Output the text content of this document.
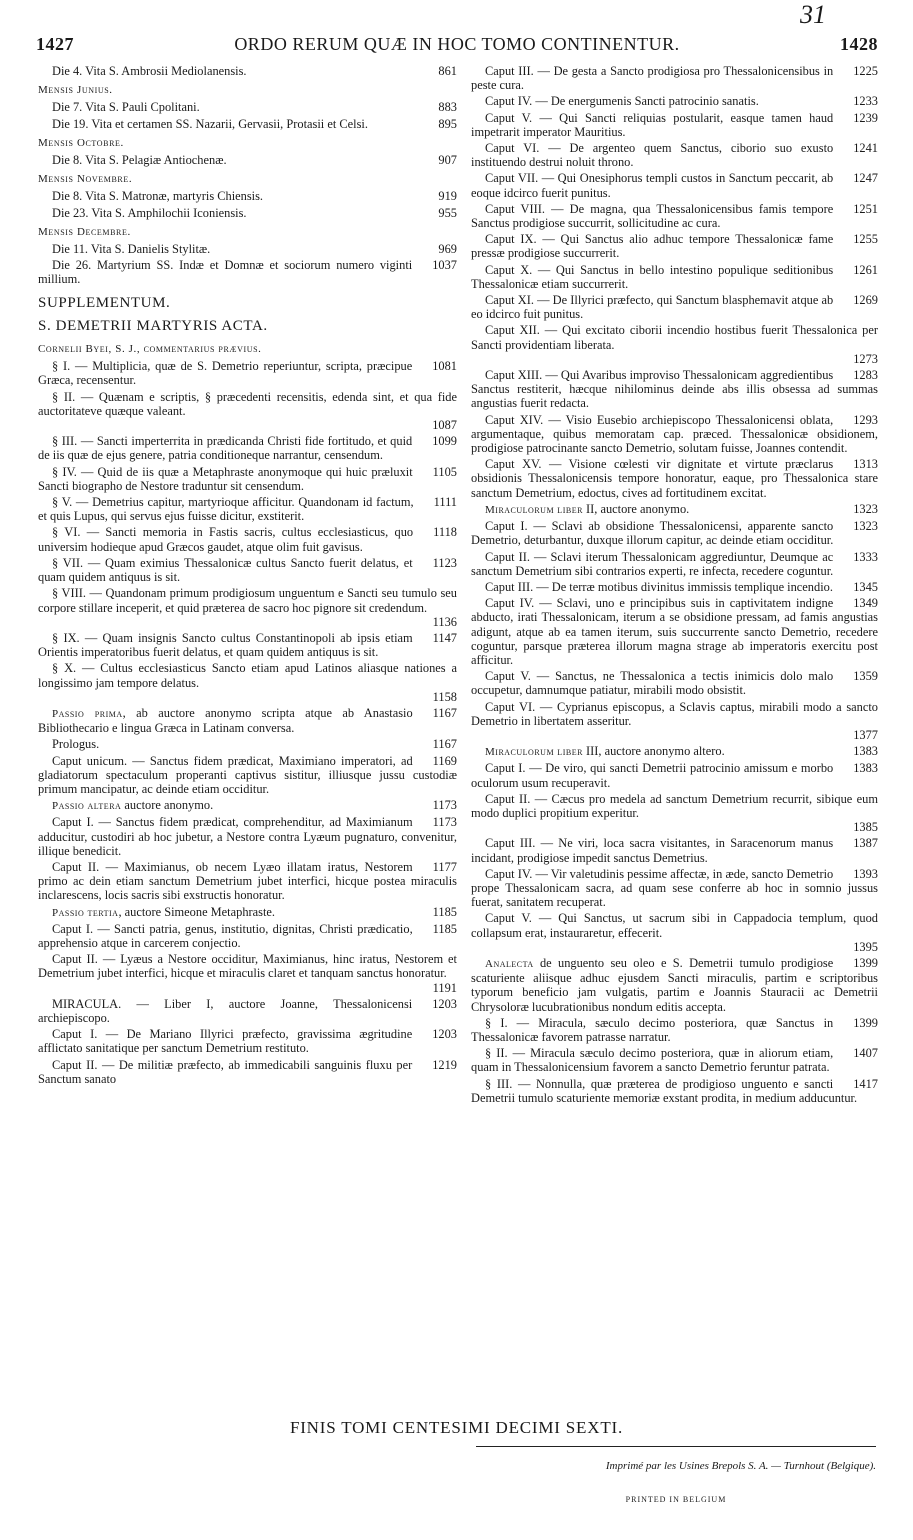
31
1427	ORDO RERUM QUÆ IN HOC TOMO CONTINENTUR.	1428
861
Die 4. Vita S. Ambrosii Mediolanensis.
Mensis Junius.
883
Die 7. Vita S. Pauli Cpolitani.
895
Die 19. Vita et certamen SS. Nazarii, Gervasii, Protasii et Celsi.
Mensis Octobre.
907
Die 8. Vita S. Pelagiæ Antiochenæ.
Mensis Novembre.
919
Die 8. Vita S. Matronæ, martyris Chiensis.
955
Die 23. Vita S. Amphilochii Iconiensis.
Mensis Decembre.
969
Die 11. Vita S. Danielis Stylitæ.
1037
Die 26. Martyrium SS. Indæ et Domnæ et sociorum numero viginti millium.
SUPPLEMENTUM.
S. DEMETRII MARTYRIS ACTA.
Cornelii Byei, S. J., commentarius prævius.
1081
§ I. — Multiplicia, quæ de S. Demetrio reperiuntur, scripta, præcipue Græca, recensentur.
§ II. — Quænam e scriptis, § præcedenti recensitis, edenda sint, et qua fide auctoritateve quæque valeant.
1087
1099
§ III. — Sancti imperterrita in prædicanda Christi fide fortitudo, et quid de iis quæ de ejus genere, patria conditioneque narrantur, censendum.
1105
§ IV. — Quid de iis quæ a Metaphraste anonymoque qui huic præluxit Sancti biographo de Nestore traduntur sit censendum.
1111
§ V. — Demetrius capitur, martyrioque afficitur. Quandonam id factum, et quis Lupus, qui servus ejus fuisse dicitur, exstiterit.
1118
§ VI. — Sancti memoria in Fastis sacris, cultus ecclesiasticus, quo universim hodieque apud Græcos gaudet, atque olim fuit gavisus.
1123
§ VII. — Quam eximius Thessalonicæ cultus Sancto fuerit delatus, et quam quidem antiquus is sit.
§ VIII. — Quandonam primum prodigiosum unguentum e Sancti seu tumulo seu corpore stillare inceperit, et quid præterea de sacro hoc pignore sit credendum.
1136
1147
§ IX. — Quam insignis Sancto cultus Constantinopoli ab ipsis etiam Orientis imperatoribus fuerit delatus, et quam quidem antiquus is sit.
§ X. — Cultus ecclesiasticus Sancto etiam apud Latinos aliasque nationes a longissimo jam tempore delatus.
1158
1167
Passio prima, ab auctore anonymo scripta atque ab Anastasio Bibliothecario e lingua Græca in Latinam conversa.
1167
Prologus.
1169
Caput unicum. — Sanctus fidem prædicat, Maximiano imperatori, ad gladiatorum spectaculum properanti captivus sistitur, illiusque jussu custodiæ primum mancipatur, ac deinde etiam occiditur.
1173
Passio altera auctore anonymo.
1173
Caput I. — Sanctus fidem prædicat, comprehenditur, ad Maximianum adducitur, custodiri ab hoc jubetur, a Nestore contra Lyæum pugnaturo, convenitur, illique benedicit.
1177
Caput II. — Maximianus, ob necem Lyæo illatam iratus, Nestorem primo ac dein etiam sanctum Demetrium jubet interfici, hicque postea miraculis inclarescens, locis sacris sibi exstructis honoratur.
1185
Passio tertia, auctore Simeone Metaphraste.
1185
Caput I. — Sancti patria, genus, institutio, dignitas, Christi prædicatio, apprehensio atque in carcerem conjectio.
Caput II. — Lyæus a Nestore occiditur, Maximianus, hinc iratus, Nestorem et Demetrium jubet interfici, hicque et miraculis claret et tanquam sanctus honoratur.
1191
1203
MIRACULA. — Liber I, auctore Joanne, Thessalonicensi archiepiscopo.
1203
Caput I. — De Mariano Illyrici præfecto, gravissima ægritudine afflictato sanitatique per sanctum Demetrium restituto.
1219
Caput II. — De militiæ præfecto, ab immedicabili sanguinis fluxu per Sanctum sanato
1225
Caput III. — De gesta a Sancto prodigiosa pro Thessalonicensibus in peste cura.
1233
Caput IV. — De energumenis Sancti patrocinio sanatis.
1239
Caput V. — Qui Sancti reliquias postularit, easque tamen haud impetrarit imperator Mauritius.
1241
Caput VI. — De argenteo quem Sanctus, ciborio suo exusto instituendo destrui noluit throno.
1247
Caput VII. — Qui Onesiphorus templi custos in Sanctum peccarit, ab eoque idcirco fuerit punitus.
1251
Caput VIII. — De magna, qua Thessalonicensibus famis tempore Sanctus prodigiose succurrit, sollicitudine ac cura.
1255
Caput IX. — Qui Sanctus alio adhuc tempore Thessalonicæ fame pressæ prodigiose succurrerit.
1261
Caput X. — Qui Sanctus in bello intestino populique seditionibus Thessalonicæ etiam succurrerit.
1269
Caput XI. — De Illyrici præfecto, qui Sanctum blasphemavit atque ab eo idcirco fuit punitus.
Caput XII. — Qui excitato ciborii incendio hostibus fuerit Thessalonica per Sancti providentiam liberata.
1273
1283
Caput XIII. — Qui Avaribus improviso Thessalonicam aggredientibus Sanctus restiterit, hæcque nihilominus deinde abs illis obsessa ad summas angustias fuerit redacta.
1293
Caput XIV. — Visio Eusebio archiepiscopo Thessalonicensi oblata, argumentaque, quibus memoratam cap. præced. Thessalonicæ obsidionem, prodigiose patrocinante sancto Demetrio, solutam fuisse, Joannes contendit.
1313
Caput XV. — Visione cœlesti vir dignitate et virtute præclarus obsidionis Thessalonicensis tempore honoratur, eaque, pro Thessalonica stare sanctum Demetrium, edoctus, cives ad fortitudinem excitat.
1323
Miraculorum liber II, auctore anonymo.
1323
Caput I. — Sclavi ab obsidione Thessalonicensi, apparente sancto Demetrio, deturbantur, duxque illorum capitur, ac deinde etiam occiditur.
1333
Caput II. — Sclavi iterum Thessalonicam aggrediuntur, Deumque ac sanctum Demetrium sibi contrarios experti, re infecta, recedere coguntur.
1345
Caput III. — De terræ motibus divinitus immissis templique incendio.
1349
Caput IV. — Sclavi, uno e principibus suis in captivitatem indigne abducto, irati Thessalonicam, iterum a se obsidione pressam, ad famis angustias adigunt, atque ab ea tamen iterum, suis succurrente sancto Demetrio, recedere coguntur, parsque præterea illorum magna strage ab imperatoris exercitu post afficitur.
1359
Caput V. — Sanctus, ne Thessalonica a tectis inimicis dolo malo occupetur, damnumque patiatur, mirabili modo obsistit.
Caput VI. — Cyprianus episcopus, a Sclavis captus, mirabili modo a sancto Demetrio in libertatem asseritur.
1377
1383
Miraculorum liber III, auctore anonymo altero.
1383
Caput I. — De viro, qui sancti Demetrii patrocinio amissum e morbo oculorum usum recuperavit.
Caput II. — Cæcus pro medela ad sanctum Demetrium recurrit, sibique eum modo duplici propitium experitur.
1385
1387
Caput III. — Ne viri, loca sacra visitantes, in Saracenorum manus incidant, prodigiose impedit sanctus Demetrius.
1393
Caput IV. — Vir valetudinis pessime affectæ, in æde, sancto Demetrio prope Thessalonicam sacra, ad quam sese conferre ab hoc in somnio jussus fuerat, sanitatem recuperat.
Caput V. — Qui Sanctus, ut sacrum sibi in Cappadocia templum, quod collapsum erat, instauraretur, effecerit.
1395
1399
Analecta de unguento seu oleo e S. Demetrii tumulo prodigiose scaturiente aliisque adhuc ejusdem Sancti miraculis, partim e scriptoribus typorum beneficio jam vulgatis, partim e Joannis Stauracii ac Demetrii Chrysoloræ lucubrationibus nondum editis accepta.
1399
§ I. — Miracula, sæculo decimo posteriora, quæ Sanctus in Thessalonicæ favorem patrasse narratur.
1407
§ II. — Miracula sæculo decimo posteriora, quæ in aliorum etiam, quam in Thessalonicensium favorem a sancto Demetrio feruntur patrata.
1417
§ III. — Nonnulla, quæ præterea de prodigioso unguento e sancti Demetrii tumulo scaturiente memoriæ exstant prodita, in medium adducuntur.
FINIS TOMI CENTESIMI DECIMI SEXTI.
Imprimé par les Usines Brepols S. A. — Turnhout (Belgique).
PRINTED IN BELGIUM
